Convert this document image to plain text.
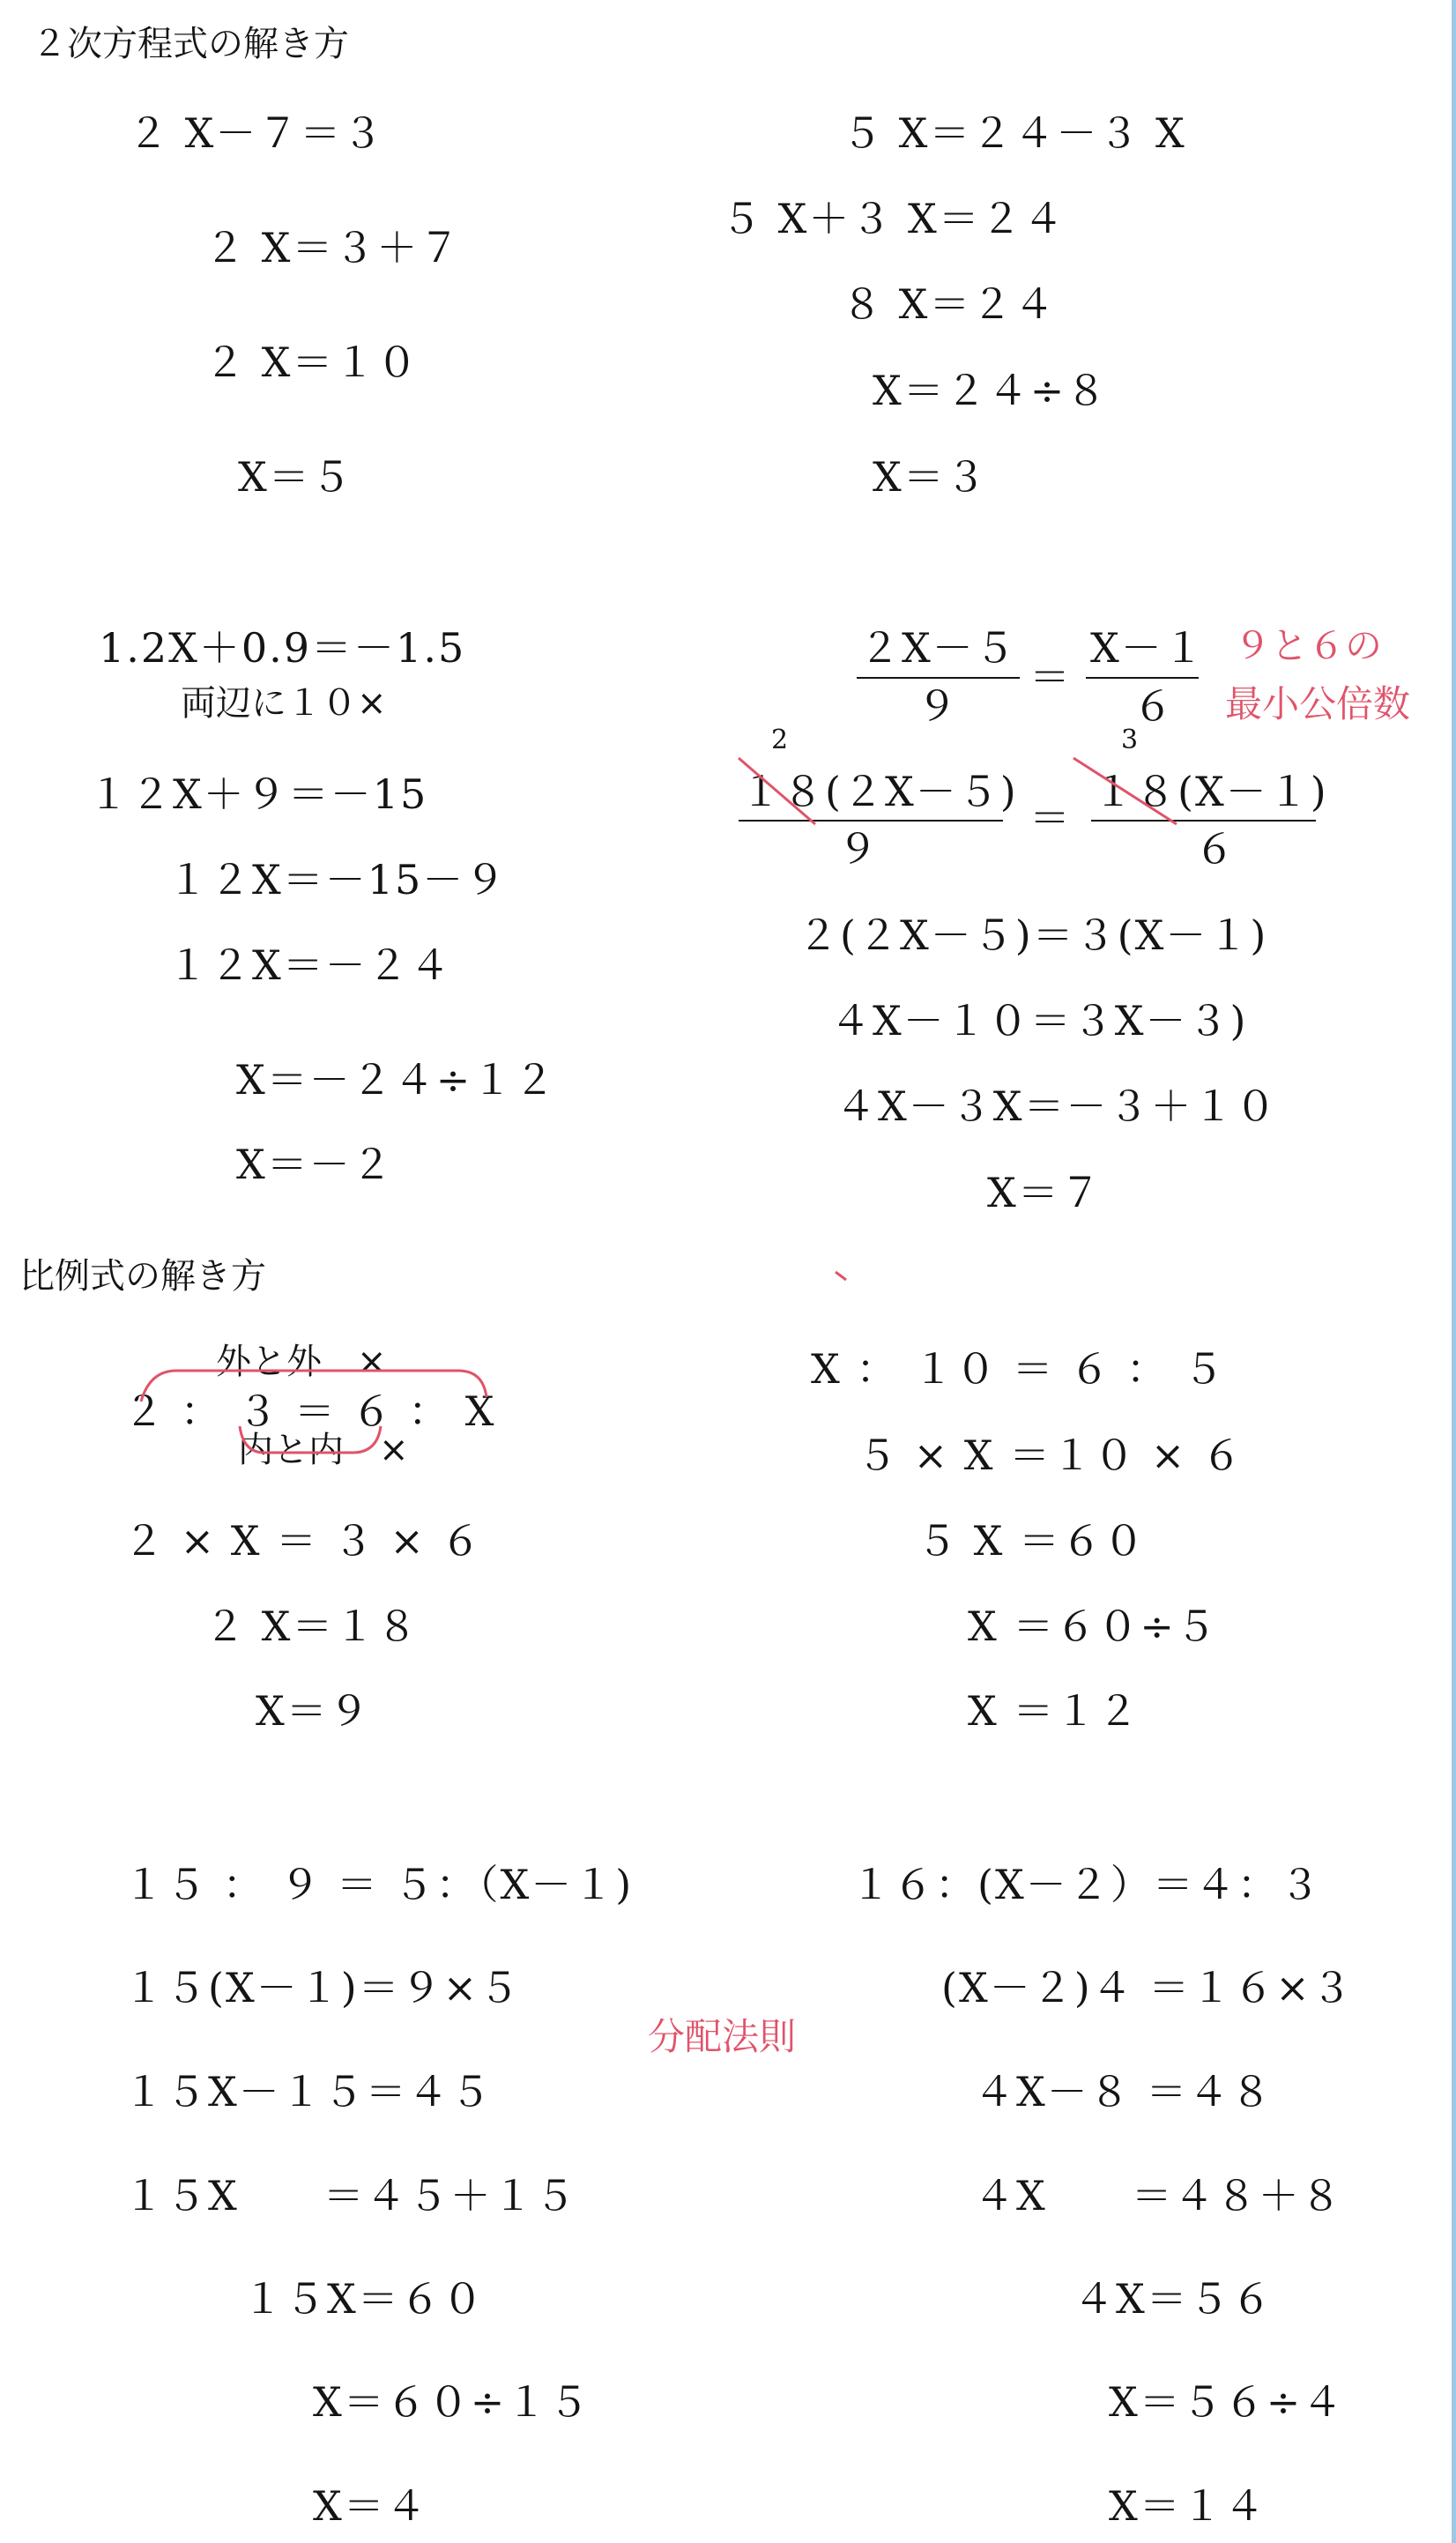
２次方程式の解き方
２ X－７＝３
２ X＝３＋７
２ X＝１０
X＝５
５ X＝２４－３ X
５ X＋３ X＝２４
８ X＝２４
X＝２４÷８
X＝３
1.2X＋0.9＝－1.5
両辺に１０×
１２X＋９＝－15
１２X＝－15－９
１２X＝－２４
X＝－２４÷１２
X＝－２
２X－５
９
＝
X－１
６
９と６の
最小公倍数
2	3
１８(２X－５)
９
＝
１８(X－１)
６
２(２X－５)＝３(X－１)
４X－１０＝３X－３)
４X－３X＝－３＋１０
X＝７
比例式の解き方
外と外　×
２ ： ３ ＝ ６ ： X
内と内　×
２ × X ＝ ３ × ６
２ X＝１８
X＝９
X ： １０ ＝ ６ ： ５
５ × X ＝１０ × ６
５ X ＝６０
X ＝６０÷５
X ＝１２
１５ ： ９ ＝ ５：（X－１)
１５(X－１)＝９×５
１５X－１５＝４５
１５X　　＝４５＋１５
１５X＝６０
X＝６０÷１５
X＝４
分配法則
１６：(X－２）＝４：３
(X－２)４ ＝１６×３
４X－８ ＝４８
４X　　＝４８＋８
４X＝５６
X＝５６÷４
X＝１４
